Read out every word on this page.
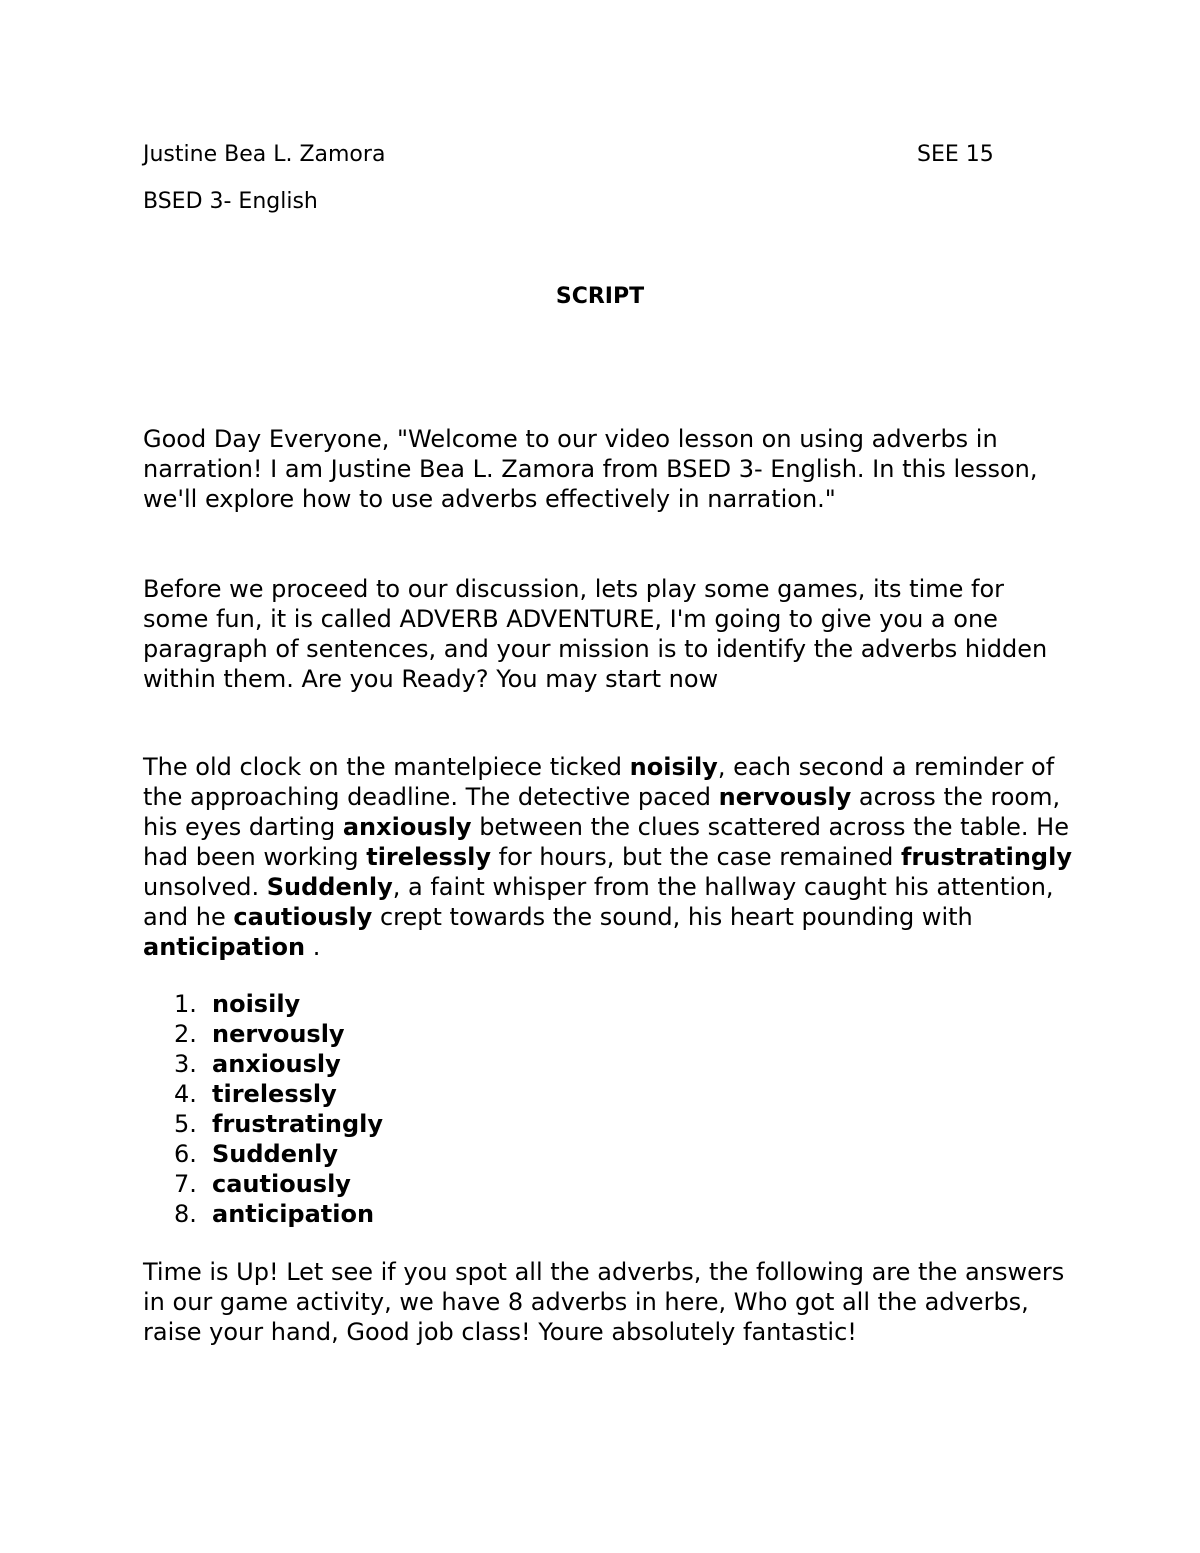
Justine Bea L. Zamora	SEE 15
BSED 3- English
SCRIPT

Good Day Everyone, "Welcome to our video lesson on using adverbs in narration! I am Justine Bea L. Zamora from BSED 3- English. In this lesson, we'll explore how to use adverbs effectively in narration."

Before we proceed to our discussion, lets play some games, its time for some fun, it is called ADVERB ADVENTURE, I'm going to give you a one paragraph of sentences, and your mission is to identify the adverbs hidden within them. Are you Ready? You may start now

The old clock on the mantelpiece ticked noisily, each second a reminder of the approaching deadline. The detective paced nervously across the room, his eyes darting anxiously between the clues scattered across the table. He had been working tirelessly for hours, but the case remained frustratingly unsolved. Suddenly, a faint whisper from the hallway caught his attention, and he cautiously crept towards the sound, his heart pounding with anticipation .

1. noisily
2. nervously
3. anxiously
4. tirelessly
5. frustratingly
6. Suddenly
7. cautiously
8. anticipation

Time is Up! Let see if you spot all the adverbs, the following are the answers in our game activity, we have 8 adverbs in here, Who got all the adverbs, raise your hand, Good job class! Youre absolutely fantastic!
